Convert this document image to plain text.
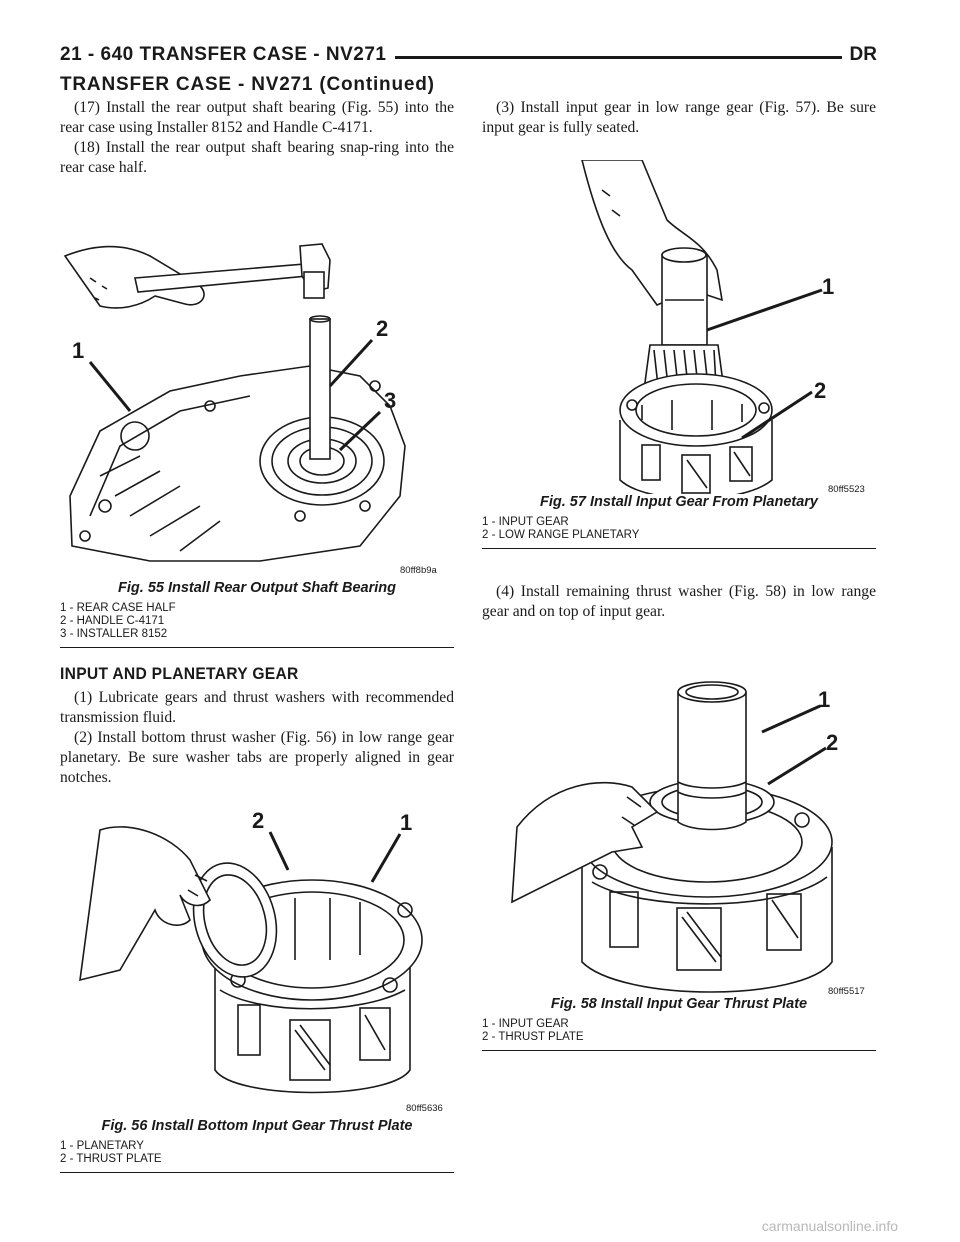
21 - 640 TRANSFER CASE - NV271	DR
TRANSFER CASE - NV271 (Continued)

(17) Install the rear output shaft bearing (Fig. 55) into the rear case using Installer 8152 and Handle C-4171.

(18) Install the rear output shaft bearing snap-ring into the rear case half.

1
2
3
80ff8b9a
Fig. 55 Install Rear Output Shaft Bearing
1 - REAR CASE HALF
2 - HANDLE C-4171
3 - INSTALLER 8152
INPUT AND PLANETARY GEAR

(1) Lubricate gears and thrust washers with recommended transmission fluid.

(2) Install bottom thrust washer (Fig. 56) in low range gear planetary. Be sure washer tabs are properly aligned in gear notches.

2	1
80ff5636
Fig. 56 Install Bottom Input Gear Thrust Plate
1 - PLANETARY
2 - THRUST PLATE

(3) Install input gear in low range gear (Fig. 57). Be sure input gear is fully seated.

1
2
80ff5523
Fig. 57 Install Input Gear From Planetary
1 - INPUT GEAR
2 - LOW RANGE PLANETARY

(4) Install remaining thrust washer (Fig. 58) in low range gear and on top of input gear.

1
2
80ff5517
Fig. 58 Install Input Gear Thrust Plate
1 - INPUT GEAR
2 - THRUST PLATE
carmanualsonline.info
